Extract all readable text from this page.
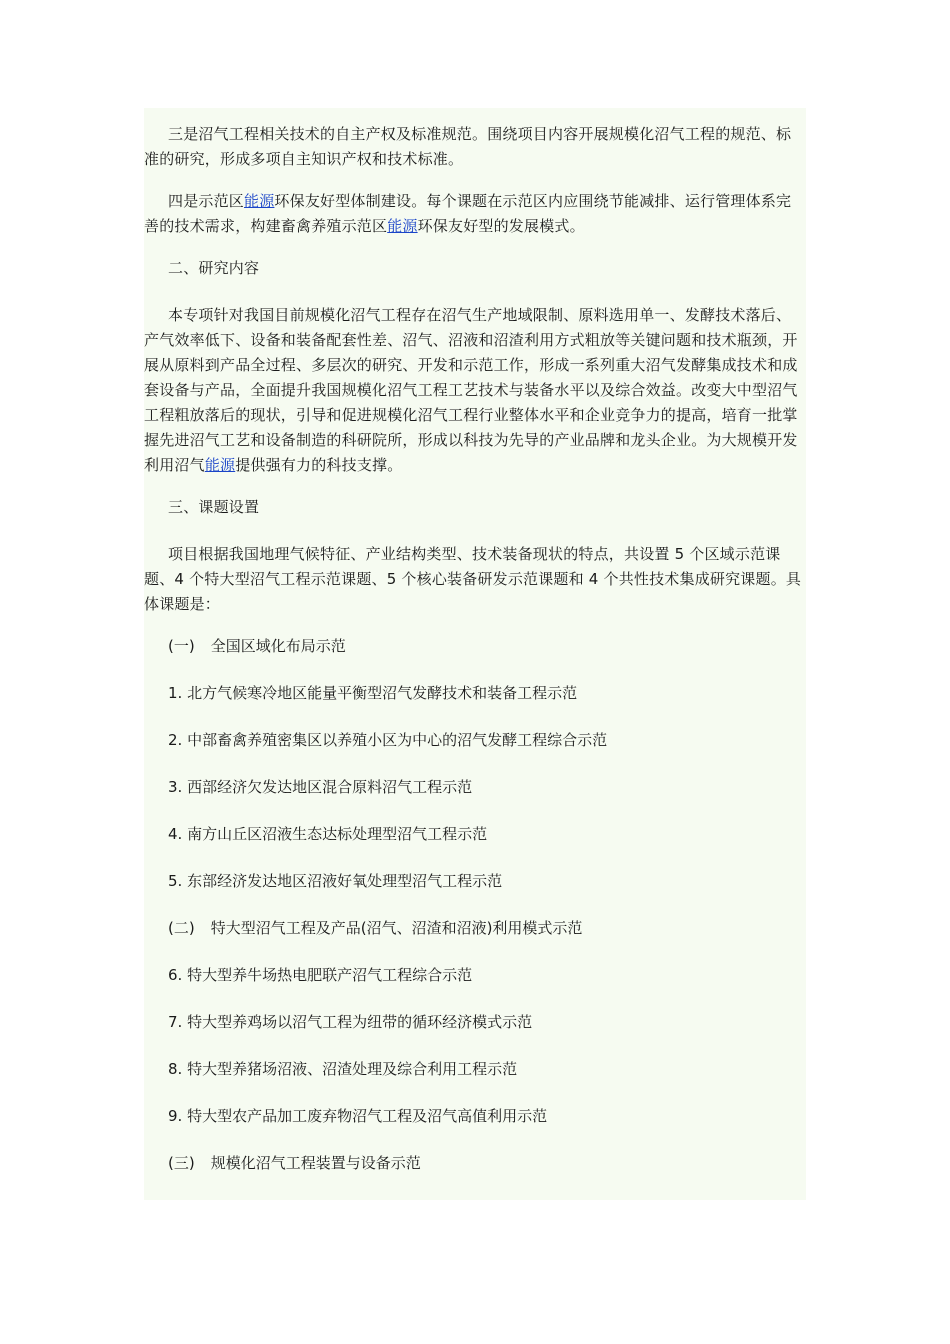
三是沼气工程相关技术的自主产权及标准规范。围绕项目内容开展规模化沼气工程的规范、标准的研究，形成多项自主知识产权和技术标准。

四是示范区能源环保友好型体制建设。每个课题在示范区内应围绕节能减排、运行管理体系完善的技术需求，构建畜禽养殖示范区能源环保友好型的发展模式。

二、研究内容

本专项针对我国目前规模化沼气工程存在沼气生产地域限制、原料选用单一、发酵技术落后、产气效率低下、设备和装备配套性差、沼气、沼液和沼渣利用方式粗放等关键问题和技术瓶颈，开展从原料到产品全过程、多层次的研究、开发和示范工作，形成一系列重大沼气发酵集成技术和成套设备与产品，全面提升我国规模化沼气工程工艺技术与装备水平以及综合效益。改变大中型沼气工程粗放落后的现状，引导和促进规模化沼气工程行业整体水平和企业竞争力的提高，培育一批掌握先进沼气工艺和设备制造的科研院所，形成以科技为先导的产业品牌和龙头企业。为大规模开发利用沼气能源提供强有力的科技支撑。

三、课题设置

项目根据我国地理气候特征、产业结构类型、技术装备现状的特点，共设置 5 个区域示范课题、4 个特大型沼气工程示范课题、5 个核心装备研发示范课题和 4 个共性技术集成研究课题。具体课题是：

(一) 全国区域化布局示范
1. 北方气候寒冷地区能量平衡型沼气发酵技术和装备工程示范
2. 中部畜禽养殖密集区以养殖小区为中心的沼气发酵工程综合示范
3. 西部经济欠发达地区混合原料沼气工程示范
4. 南方山丘区沼液生态达标处理型沼气工程示范
5. 东部经济发达地区沼液好氧处理型沼气工程示范
(二) 特大型沼气工程及产品(沼气、沼渣和沼液)利用模式示范
6. 特大型养牛场热电肥联产沼气工程综合示范
7. 特大型养鸡场以沼气工程为纽带的循环经济模式示范
8. 特大型养猪场沼液、沼渣处理及综合利用工程示范
9. 特大型农产品加工废弃物沼气工程及沼气高值利用示范
(三) 规模化沼气工程装置与设备示范
